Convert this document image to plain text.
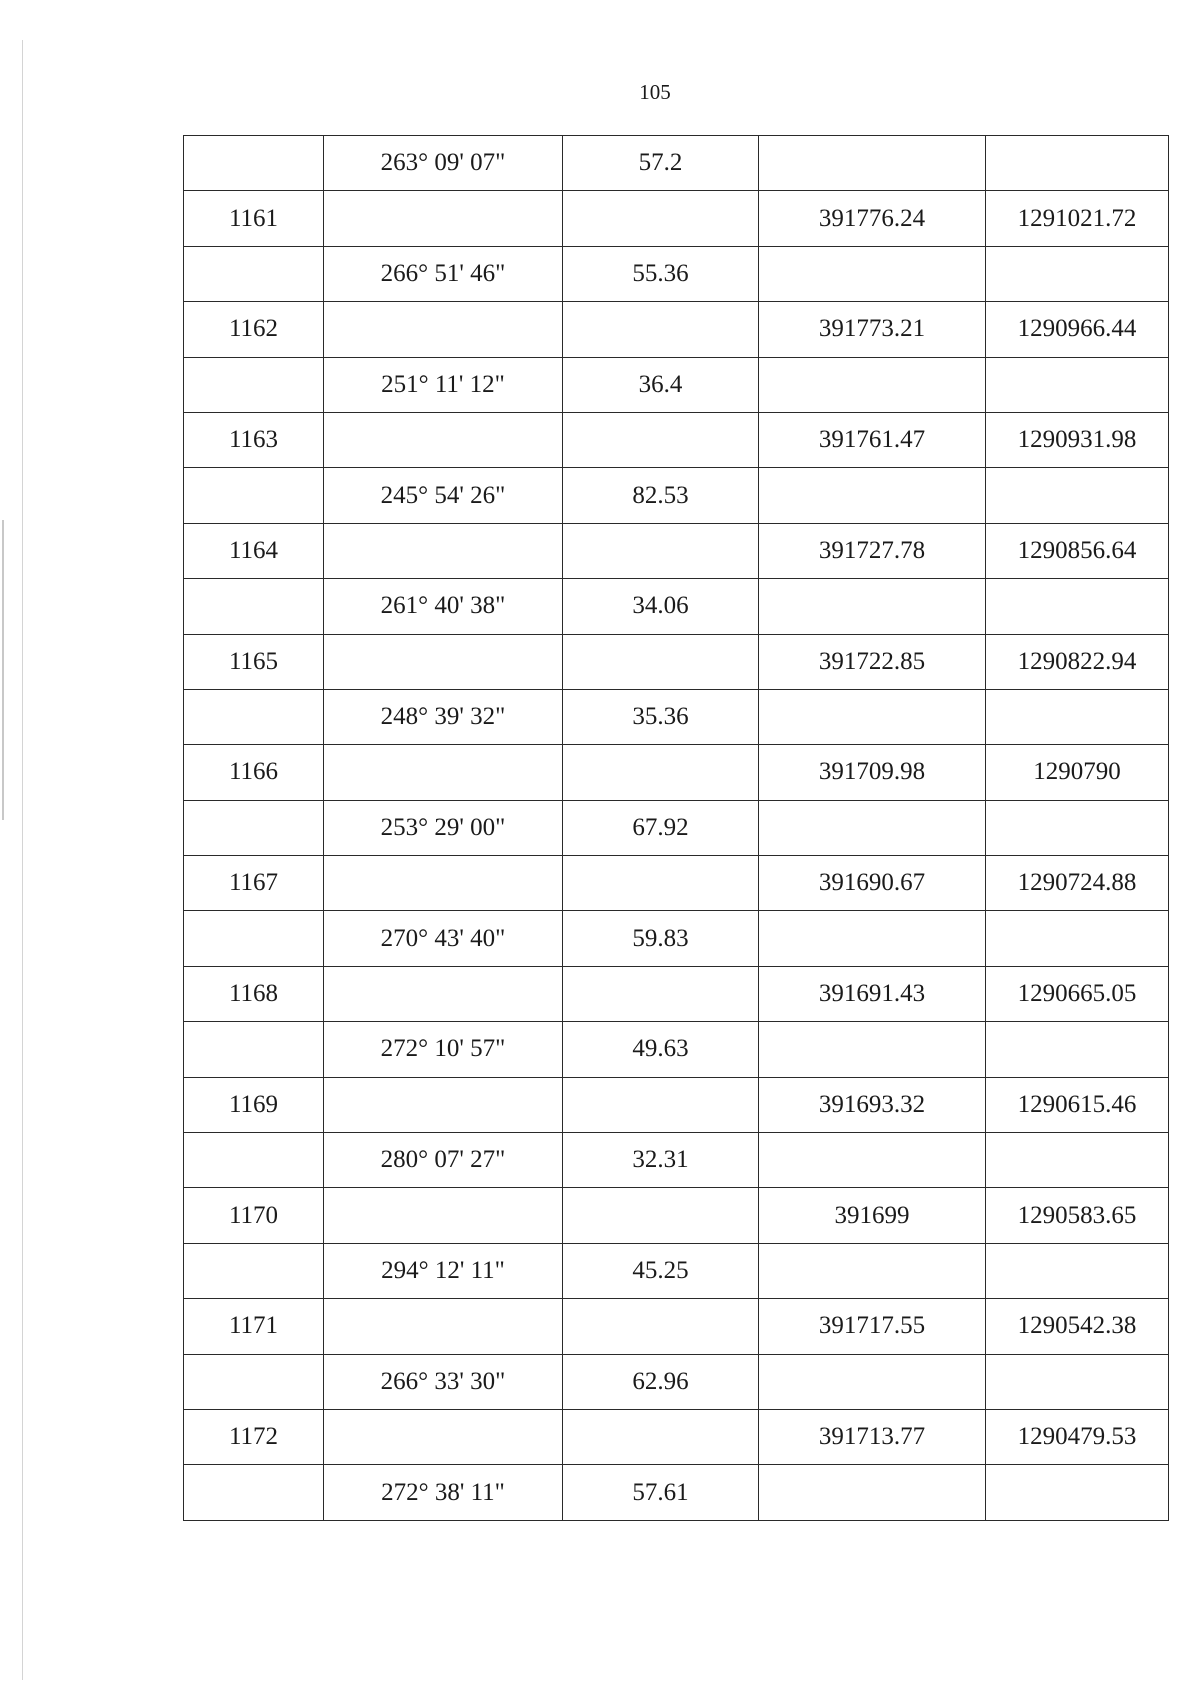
105
	263° 09' 07"	57.2		
1161			391776.24	1291021.72
	266° 51' 46"	55.36		
1162			391773.21	1290966.44
	251° 11' 12"	36.4		
1163			391761.47	1290931.98
	245° 54' 26"	82.53		
1164			391727.78	1290856.64
	261° 40' 38"	34.06		
1165			391722.85	1290822.94
	248° 39' 32"	35.36		
1166			391709.98	1290790
	253° 29' 00"	67.92		
1167			391690.67	1290724.88
	270° 43' 40"	59.83		
1168			391691.43	1290665.05
	272° 10' 57"	49.63		
1169			391693.32	1290615.46
	280° 07' 27"	32.31		
1170			391699	1290583.65
	294° 12' 11"	45.25		
1171			391717.55	1290542.38
	266° 33' 30"	62.96		
1172			391713.77	1290479.53
	272° 38' 11"	57.61		
